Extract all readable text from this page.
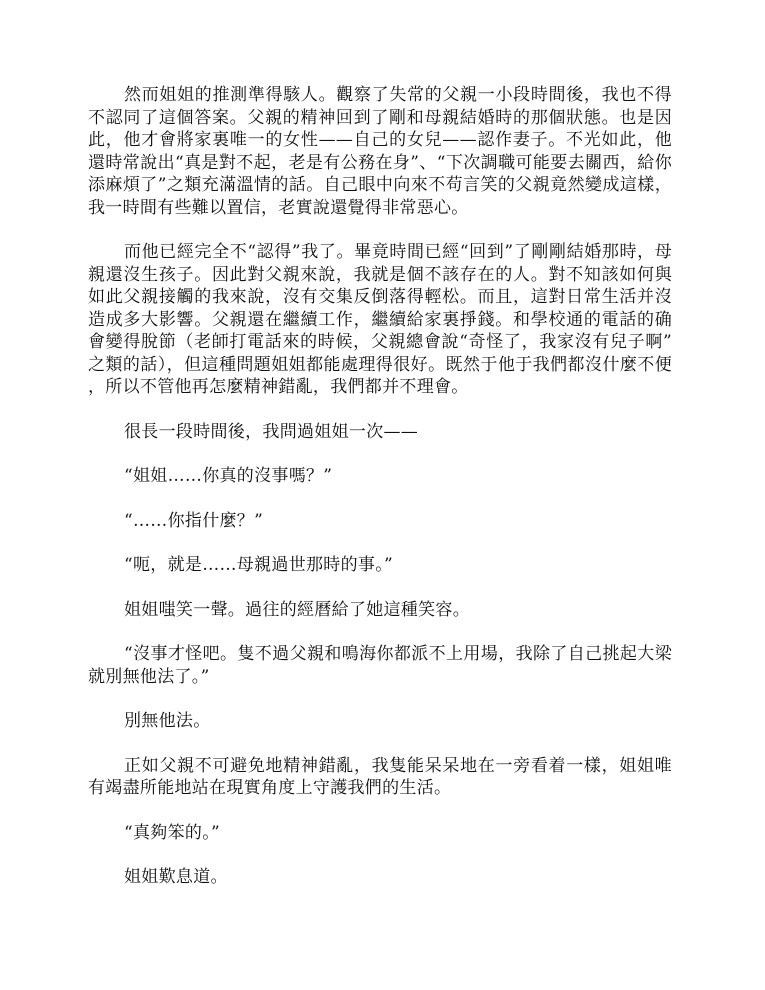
然而姐姐的推測準得駭人。觀察了失常的父親一小段時間後，我也不得不認同了這個答案。父親的精神回到了剛和母親結婚時的那個狀態。也是因此，他才會將家裏唯一的女性——自己的女兒——認作妻子。不光如此，他還時常說出“真是對不起，老是有公務在身”、“下次調職可能要去關西，給你添麻煩了”之類充滿溫情的話。自己眼中向來不苟言笑的父親竟然變成這樣，我一時間有些難以置信，老實說還覺得非常惡心。

而他已經完全不“認得”我了。畢竟時間已經“回到”了剛剛結婚那時，母親還沒生孩子。因此對父親來說，我就是個不該存在的人。對不知該如何與如此父親接觸的我來說，沒有交集反倒落得輕松。而且，這對日常生活并沒造成多大影響。父親還在繼續工作，繼續給家裏掙錢。和學校通的電話的确會變得脫節（老師打電話來的時候，父親總會說“奇怪了，我家沒有兒子啊”之類的話），但這種問題姐姐都能處理得很好。既然于他于我們都沒什麼不便，所以不管他再怎麼精神錯亂，我們都并不理會。

很長一段時間後，我問過姐姐一次——

“姐姐……你真的沒事嗎？”

“……你指什麼？”

“呃，就是……母親過世那時的事。”

姐姐嗤笑一聲。過往的經曆給了她這種笑容。

“沒事才怪吧。隻不過父親和鳴海你都派不上用場，我除了自己挑起大梁就別無他法了。”

別無他法。

正如父親不可避免地精神錯亂，我隻能呆呆地在一旁看着一樣，姐姐唯有竭盡所能地站在現實角度上守護我們的生活。

“真夠笨的。”

姐姐歎息道。
